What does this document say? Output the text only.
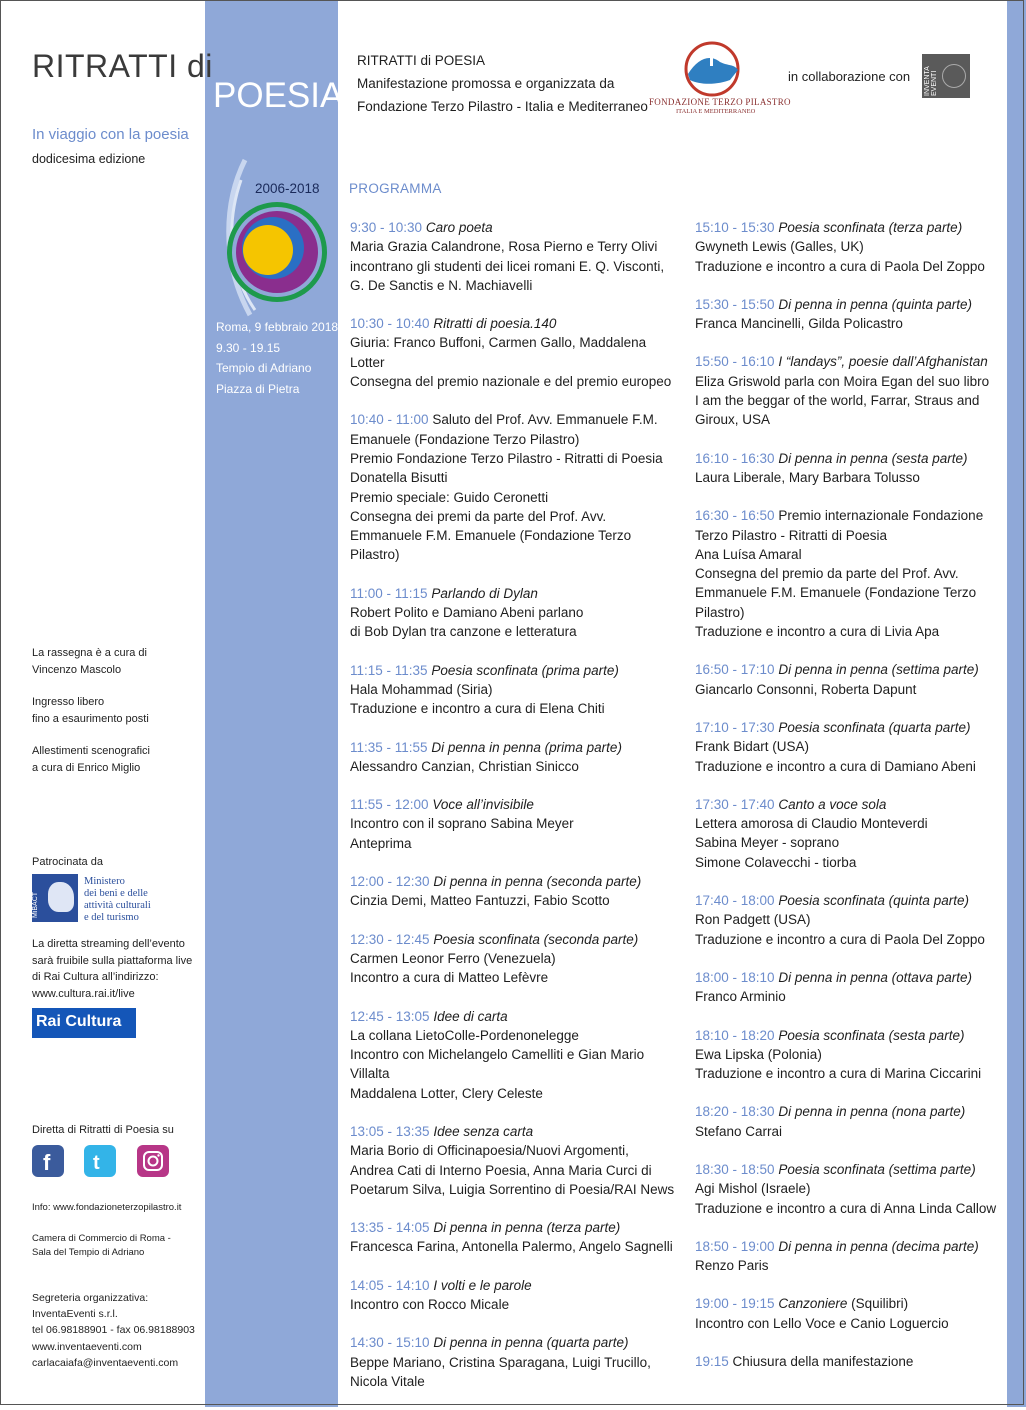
RITRATTI di
POESIA
In viaggio con la poesia
dodicesima edizione
2006-2018
Roma, 9 febbraio 2018
9.30 - 19.15
Tempio di Adriano
Piazza di Pietra
RITRATTI di POESIA
Manifestazione promossa e organizzata da
Fondazione Terzo Pilastro - Italia e Mediterraneo FONDAZIONE TERZO PILASTRO
ITALIA E MEDITERRANEO
in collaborazione con INVENTA EVENTI
PROGRAMMA
9:30 - 10:30 Caro poeta
Maria Grazia Calandrone, Rosa Pierno e Terry Olivi
incontrano gli studenti dei licei romani E. Q. Visconti,
G. De Sanctis e N. Machiavelli
10:30 - 10:40 Ritratti di poesia.140
Giuria: Franco Buffoni, Carmen Gallo, Maddalena Lotter
Consegna del premio nazionale e del premio europeo
10:40 - 11:00 Saluto del Prof. Avv. Emmanuele F.M.
Emanuele (Fondazione Terzo Pilastro)
Premio Fondazione Terzo Pilastro - Ritratti di Poesia
Donatella Bisutti
Premio speciale: Guido Ceronetti
Consegna dei premi da parte del Prof. Avv.
Emmanuele F.M. Emanuele (Fondazione Terzo
Pilastro)
11:00 - 11:15 Parlando di Dylan
Robert Polito e Damiano Abeni parlano
di Bob Dylan tra canzone e letteratura
11:15 - 11:35 Poesia sconfinata (prima parte)
Hala Mohammad (Siria)
Traduzione e incontro a cura di Elena Chiti
11:35 - 11:55 Di penna in penna (prima parte)
Alessandro Canzian, Christian Sinicco
11:55 - 12:00 Voce all’invisibile
Incontro con il soprano Sabina Meyer
Anteprima
12:00 - 12:30 Di penna in penna (seconda parte)
Cinzia Demi, Matteo Fantuzzi, Fabio Scotto
12:30 - 12:45 Poesia sconfinata (seconda parte)
Carmen Leonor Ferro (Venezuela)
Incontro a cura di Matteo Lefèvre
12:45 - 13:05 Idee di carta
La collana LietoColle-Pordenonelegge
Incontro con Michelangelo Camelliti e Gian Mario
Villalta
Maddalena Lotter, Clery Celeste
13:05 - 13:35 Idee senza carta
Maria Borio di Officinapoesia/Nuovi Argomenti,
Andrea Cati di Interno Poesia, Anna Maria Curci di
Poetarum Silva, Luigia Sorrentino di Poesia/RAI News
13:35 - 14:05 Di penna in penna (terza parte)
Francesca Farina, Antonella Palermo, Angelo Sagnelli
14:05 - 14:10 I volti e le parole
Incontro con Rocco Micale
14:30 - 15:10 Di penna in penna (quarta parte)
Beppe Mariano, Cristina Sparagana, Luigi Trucillo,
Nicola Vitale
15:10 - 15:30 Poesia sconfinata (terza parte)
Gwyneth Lewis (Galles, UK)
Traduzione e incontro a cura di Paola Del Zoppo
15:30 - 15:50 Di penna in penna (quinta parte)
Franca Mancinelli, Gilda Policastro
15:50 - 16:10 I “landays”, poesie dall’Afghanistan
Eliza Griswold parla con Moira Egan del suo libro
I am the beggar of the world, Farrar, Straus and
Giroux, USA
16:10 - 16:30 Di penna in penna (sesta parte)
Laura Liberale, Mary Barbara Tolusso
16:30 - 16:50 Premio internazionale Fondazione
Terzo Pilastro - Ritratti di Poesia
Ana Luísa Amaral
Consegna del premio da parte del Prof. Avv.
Emmanuele F.M. Emanuele (Fondazione Terzo
Pilastro)
Traduzione e incontro a cura di Livia Apa
16:50 - 17:10 Di penna in penna (settima parte)
Giancarlo Consonni, Roberta Dapunt
17:10 - 17:30 Poesia sconfinata (quarta parte)
Frank Bidart (USA)
Traduzione e incontro a cura di Damiano Abeni
17:30 - 17:40 Canto a voce sola
Lettera amorosa di Claudio Monteverdi
Sabina Meyer - soprano
Simone Colavecchi - tiorba
17:40 - 18:00 Poesia sconfinata (quinta parte)
Ron Padgett (USA)
Traduzione e incontro a cura di Paola Del Zoppo
18:00 - 18:10 Di penna in penna (ottava parte)
Franco Arminio
18:10 - 18:20 Poesia sconfinata (sesta parte)
Ewa Lipska (Polonia)
Traduzione e incontro a cura di Marina Ciccarini
18:20 - 18:30 Di penna in penna (nona parte)
Stefano Carrai
18:30 - 18:50 Poesia sconfinata (settima parte)
Agi Mishol (Israele)
Traduzione e incontro a cura di Anna Linda Callow
18:50 - 19:00 Di penna in penna (decima parte)
Renzo Paris
19:00 - 19:15 Canzoniere (Squilibri)
Incontro con Lello Voce e Canio Loguercio
19:15 Chiusura della manifestazione
La rassegna è a cura di
Vincenzo Mascolo
Ingresso libero
fino a esaurimento posti
Allestimenti scenografici
a cura di Enrico Miglio
Patrocinata da
MiBACT
Ministero
dei beni e delle
attività culturali
e del turismo
La diretta streaming dell’evento
sarà fruibile sulla piattaforma live
di Rai Cultura all’indirizzo:
www.cultura.rai.it/live
Rai Cultura
Diretta di Ritratti di Poesia su
f
t

Info: www.fondazioneterzopilastro.it
Camera di Commercio di Roma -
Sala del Tempio di Adriano
Segreteria organizzativa:
InventaEventi s.r.l.
tel 06.98188901 - fax 06.98188903
www.inventaeventi.com
carlacaiafa@inventaeventi.com
